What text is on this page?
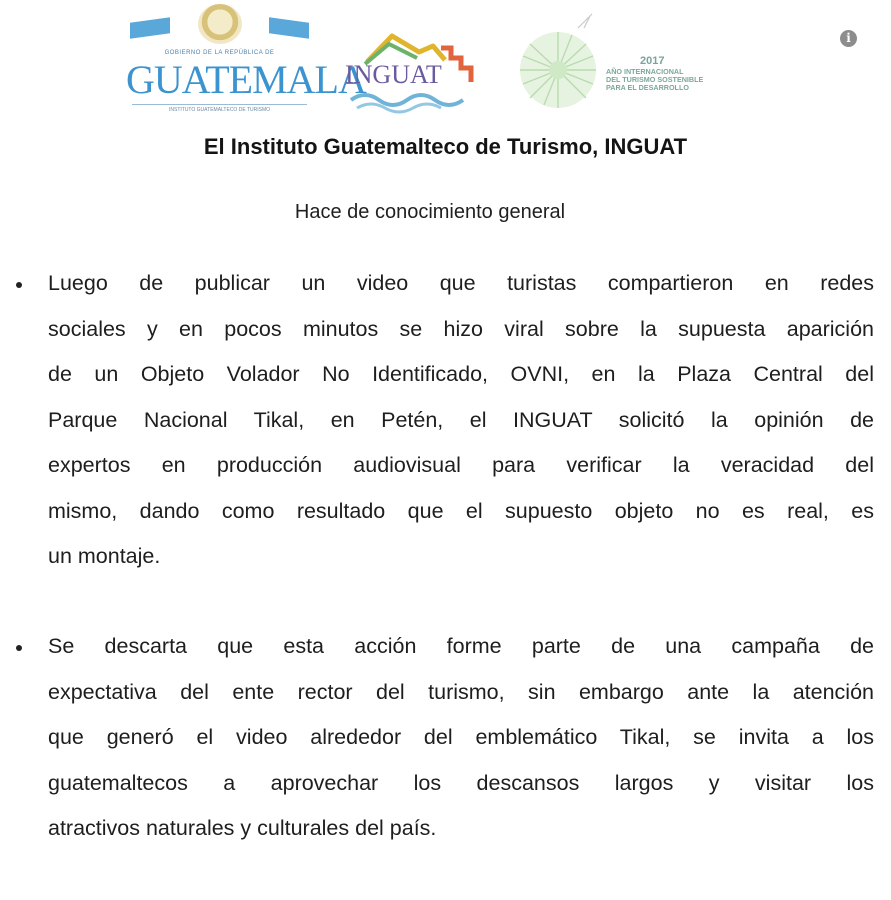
GOBIERNO DE LA REPÚBLICA DE
GUATEMALA
INSTITUTO GUATEMALTECO DE TURISMO
INGUAT	2017
AÑO INTERNACIONAL
DEL TURISMO SOSTENIBLE
PARA EL DESARROLLO
i
El Instituto Guatemalteco de Turismo, INGUAT
Hace de conocimiento general
Luego de publicar un video que turistas compartieron en redes
sociales y en pocos minutos se hizo viral sobre la supuesta aparición
de un Objeto Volador No Identificado, OVNI, en la Plaza Central del
Parque Nacional Tikal, en Petén, el INGUAT solicitó la opinión de
expertos en producción audiovisual para verificar la veracidad del
mismo, dando como resultado que el supuesto objeto no es real, es
un montaje.
Se descarta que esta acción forme parte de una campaña de
expectativa del ente rector del turismo, sin embargo ante la atención
que generó el video alrededor del emblemático Tikal, se invita a los
guatemaltecos a aprovechar los descansos largos y visitar los
atractivos naturales y culturales del país.
